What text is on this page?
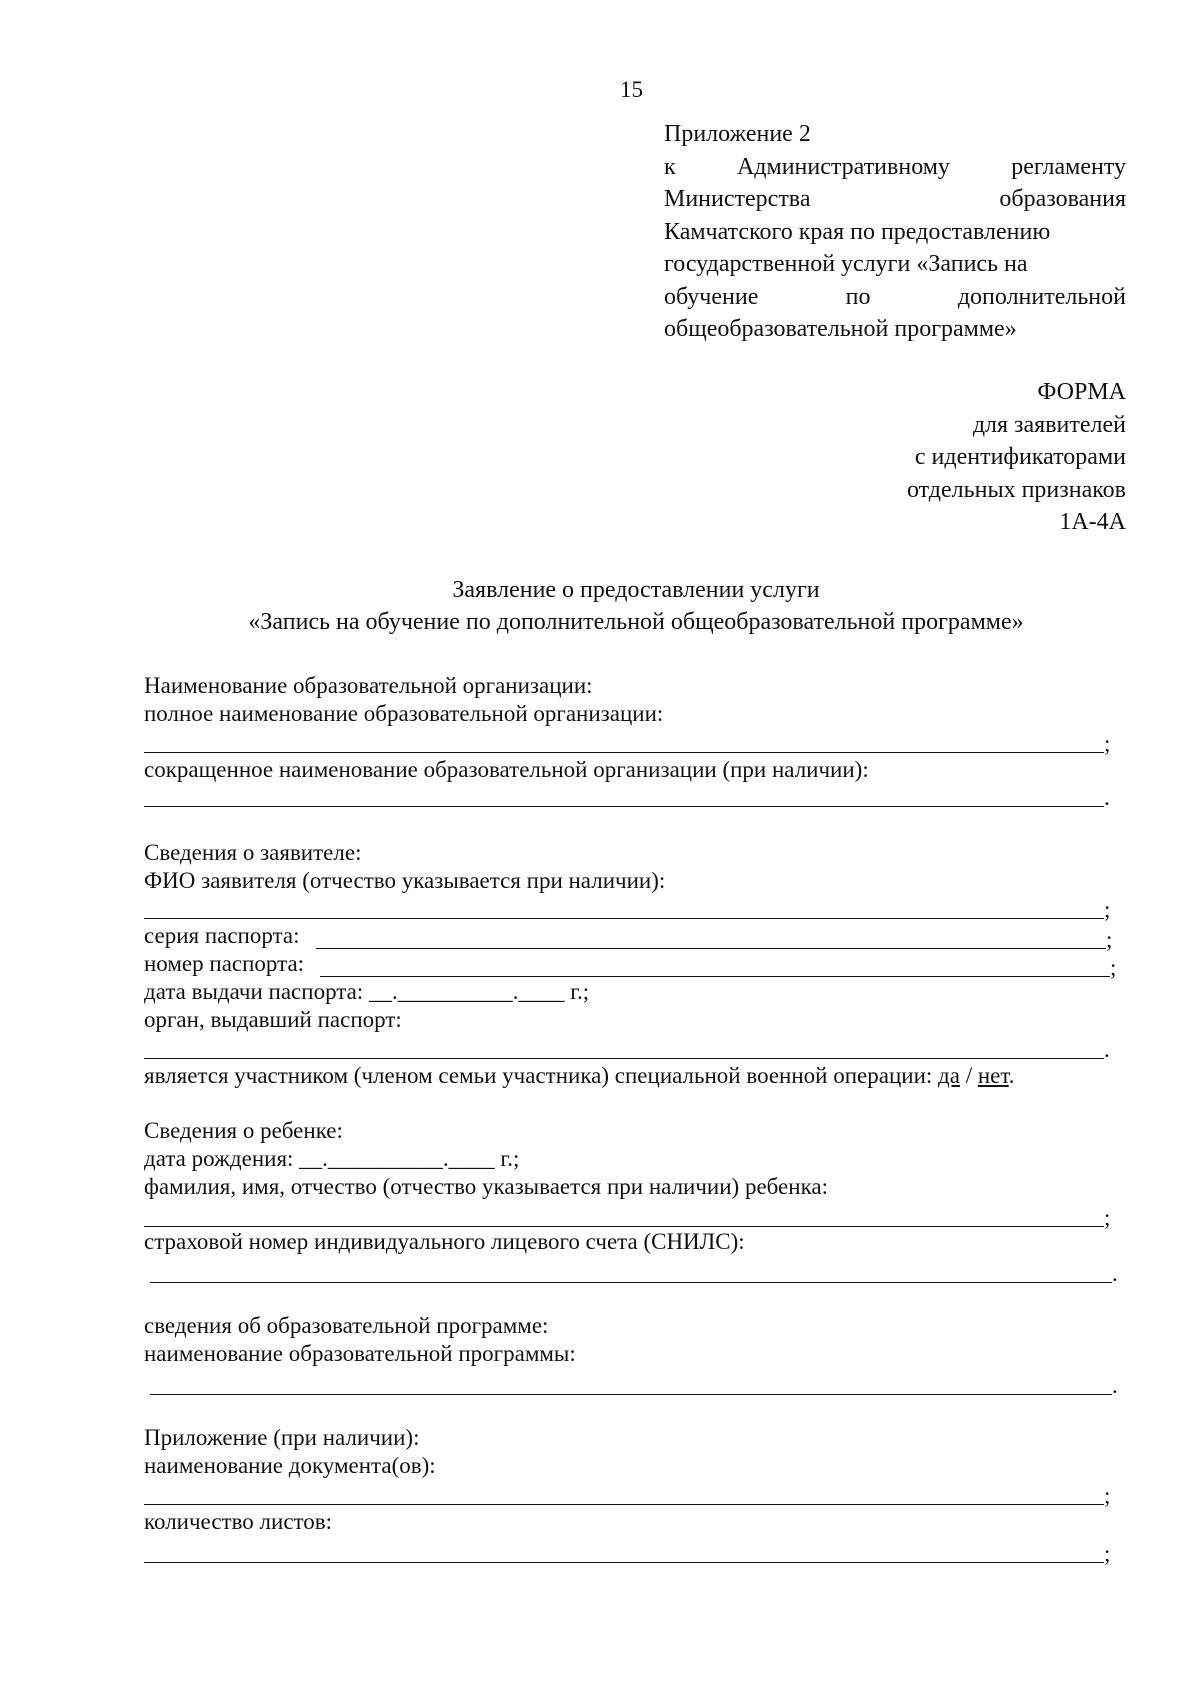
15
Приложение 2
к Административному регламенту
Министерства образования
Камчатского края по предоставлению
государственной услуги «Запись на
обучение по дополнительной
общеобразовательной программе»
ФОРМА
для заявителей
с идентификаторами
отдельных признаков
1А-4А
Заявление о предоставлении услуги
«Запись на обучение по дополнительной общеобразовательной программе»
Наименование образовательной организации:
полное наименование образовательной организации:
;
сокращенное наименование образовательной организации (при наличии):
.
Сведения о заявителе:
ФИО заявителя (отчество указывается при наличии):
;
серия паспорта:	;
номер паспорта:	;
дата выдачи паспорта: __.__________.____ г.;
орган, выдавший паспорт:
.
является участником (членом семьи участника) специальной военной операции: да / нет.
Сведения о ребенке:
дата рождения: __.__________.____ г.;
фамилия, имя, отчество (отчество указывается при наличии) ребенка:
;
страховой номер индивидуального лицевого счета (СНИЛС):
.
сведения об образовательной программе:
наименование образовательной программы:
.
Приложение (при наличии):
наименование документа(ов):
;
количество листов:
;
